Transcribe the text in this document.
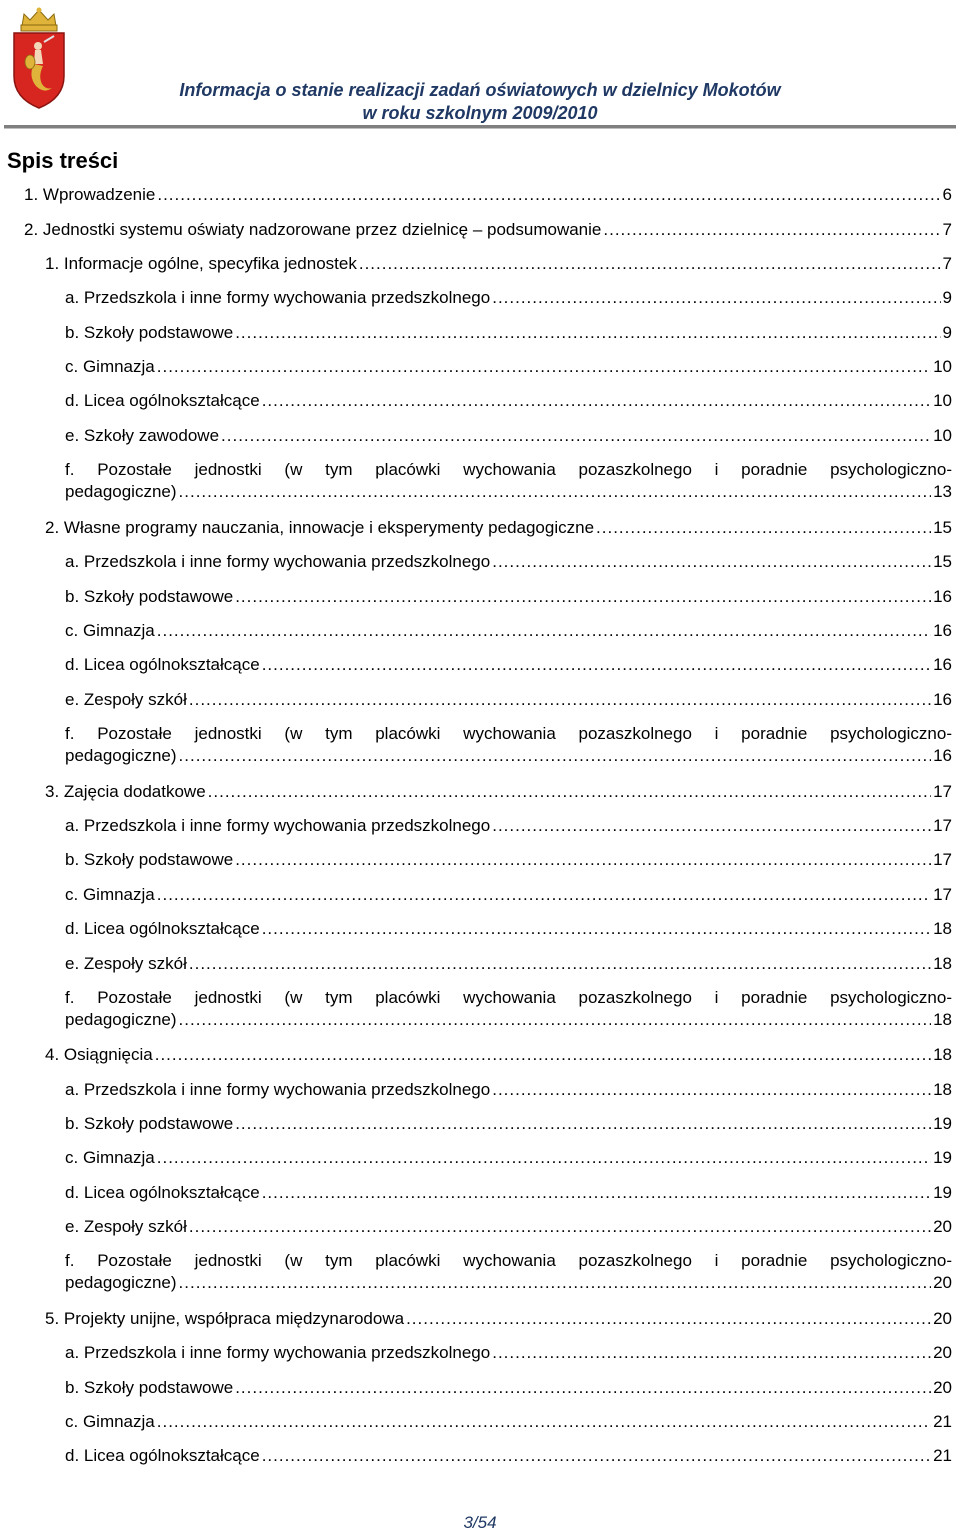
Informacja o stanie realizacji zadań oświatowych w dzielnicy Mokotów
w roku szkolnym 2009/2010
Spis treści
1. Wprowadzenie .....	6
2. Jednostki systemu oświaty nadzorowane przez dzielnicę – podsumowanie .....	7
1. Informacje ogólne, specyfika jednostek .....	7
a. Przedszkola i inne formy wychowania przedszkolnego .....	9
b. Szkoły podstawowe .....	9
c. Gimnazja .....	10
d. Licea ogólnokształcące .....	10
e. Szkoły zawodowe .....	10
f. Pozostałe jednostki (w tym placówki wychowania pozaszkolnego i poradnie psychologiczno-
pedagogiczne) .....	13
2. Własne programy nauczania, innowacje i eksperymenty pedagogiczne .....	15
a. Przedszkola i inne formy wychowania przedszkolnego .....	15
b. Szkoły podstawowe .....	16
c. Gimnazja .....	16
d. Licea ogólnokształcące .....	16
e. Zespoły szkół .....	16
f. Pozostałe jednostki (w tym placówki wychowania pozaszkolnego i poradnie psychologiczno-
pedagogiczne) .....	16
3. Zajęcia dodatkowe .....	17
a. Przedszkola i inne formy wychowania przedszkolnego .....	17
b. Szkoły podstawowe .....	17
c. Gimnazja .....	17
d. Licea ogólnokształcące .....	18
e. Zespoły szkół .....	18
f. Pozostałe jednostki (w tym placówki wychowania pozaszkolnego i poradnie psychologiczno-
pedagogiczne) .....	18
4. Osiągnięcia .....	18
a. Przedszkola i inne formy wychowania przedszkolnego .....	18
b. Szkoły podstawowe .....	19
c. Gimnazja .....	19
d. Licea ogólnokształcące .....	19
e. Zespoły szkół .....	20
f. Pozostałe jednostki (w tym placówki wychowania pozaszkolnego i poradnie psychologiczno-
pedagogiczne) .....	20
5. Projekty unijne, współpraca międzynarodowa .....	20
a. Przedszkola i inne formy wychowania przedszkolnego .....	20
b. Szkoły podstawowe .....	20
c. Gimnazja .....	21
d. Licea ogólnokształcące .....	21
3/54
